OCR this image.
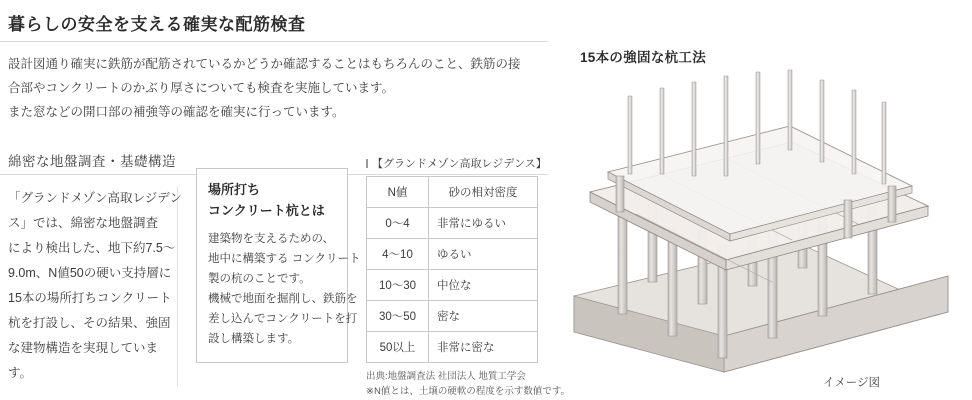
暮らしの安全を支える確実な配筋検査
設計図通り確実に鉄筋が配筋されているかどうか確認することはもちろんのこと、鉄筋の接
合部やコンクリートのかぶり厚さについても検査を実施しています。
また窓などの開口部の補強等の確認を確実に行っています。
綿密な地盤調査・基礎構造
「グランドメゾン高取レジデン
ス」では、綿密な地盤調査
により検出した、地下約7.5～
9.0m、N値50の硬い支持層に
15本の場所打ちコンクリート
杭を打設し、その結果、強固
な建物構造を実現していま
す。
場所打ち
コンクリート杭とは
建築物を支えるための、
地中に構築する コンクリート
製の杭のことです。
機械で地面を掘削し、鉄筋を
差し込んでコンクリートを打
設し構築します。
【グランドメゾン高取レジデンス】
N値	砂の相対密度
0～4	非常にゆるい
4～10	ゆるい
10～30	中位な
30～50	密な
50以上	非常に密な
出典:地盤調査法 社団法人 地質工学会
※N値とは、土壌の硬軟の程度を示す数値です。
15本の強固な杭工法
イメージ図
